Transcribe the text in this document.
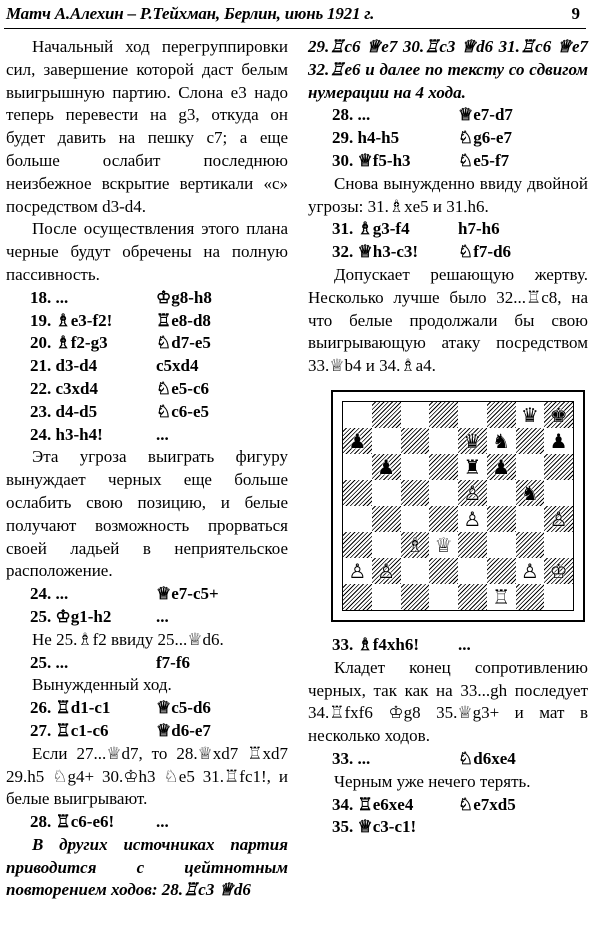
Матч А.Алехин – Р.Тейхман, Берлин, июнь 1921 г.	9
Начальный ход перегруппировки сил, завершение которой даст белым выигрышную партию. Слона е3 надо теперь перевести на g3, откуда он будет давить на пешку с7; а еще больше ослабит последнюю неизбежное вскрытие вертикали «с» посредством d3-d4.
После осуществления этого плана черные будут обречены на полную пассивность.
18. ...	♔g8-h8
19. ♗e3-f2!	♖e8-d8
20. ♗f2-g3	♘d7-e5
21. d3-d4	c5xd4
22. c3xd4	♘e5-c6
23. d4-d5	♘c6-e5
24. h3-h4!	...
Эта угроза выиграть фигуру вынуждает черных еще больше ослабить свою позицию, и белые получают возможность прорваться своей ладьей в неприятельское расположение.
24. ...	♕e7-c5+
25. ♔g1-h2	...
Не 25.♗f2 ввиду 25...♕d6.
25. ...	f7-f6
Вынужденный ход.
26. ♖d1-c1	♕c5-d6
27. ♖c1-c6	♕d6-e7
Если 27...♕d7, то 28.♕xd7 ♖xd7 29.h5 ♘g4+ 30.♔h3 ♘e5 31.♖fc1!, и белые выигрывают.
28. ♖c6-e6! ...
В других источниках партия приводится с цейтнотным повторением ходов: 28.♖c3 ♕d6
29.♖c6 ♕e7 30.♖c3 ♕d6 31.♖c6 ♕e7 32.♖e6 и далее по тексту со сдвигом нумерации на 4 хода.
28. ...	♕e7-d7
29. h4-h5	♘g6-e7
30. ♕f5-h3	♘e5-f7
Снова вынужденно ввиду двойной угрозы: 31.♗xe5 и 31.h6.
31. ♗g3-f4	h7-h6
32. ♕h3-c3! ♘f7-d6
Допускает решающую жертву. Несколько лучше было 32...♖c8, на что белые продолжали бы свою выигрывающую атаку посредством 33.♕b4 и 34.♗a4.
♛ ♚
♟	♛ ♞ ♟
♟	♜ ♟
♙ ♞
♙	♙
♗ ♕
♙ ♙	♙ ♔
♖
33. ♗f4xh6! ...
Кладет конец сопротивлению черных, так как на 33...gh последует 34.♖fxf6 ♔g8 35.♕g3+ и мат в несколько ходов.
33. ...	♘d6xe4
Черным уже нечего терять.
34. ♖e6xe4	♘e7xd5
35. ♕c3-c1!
